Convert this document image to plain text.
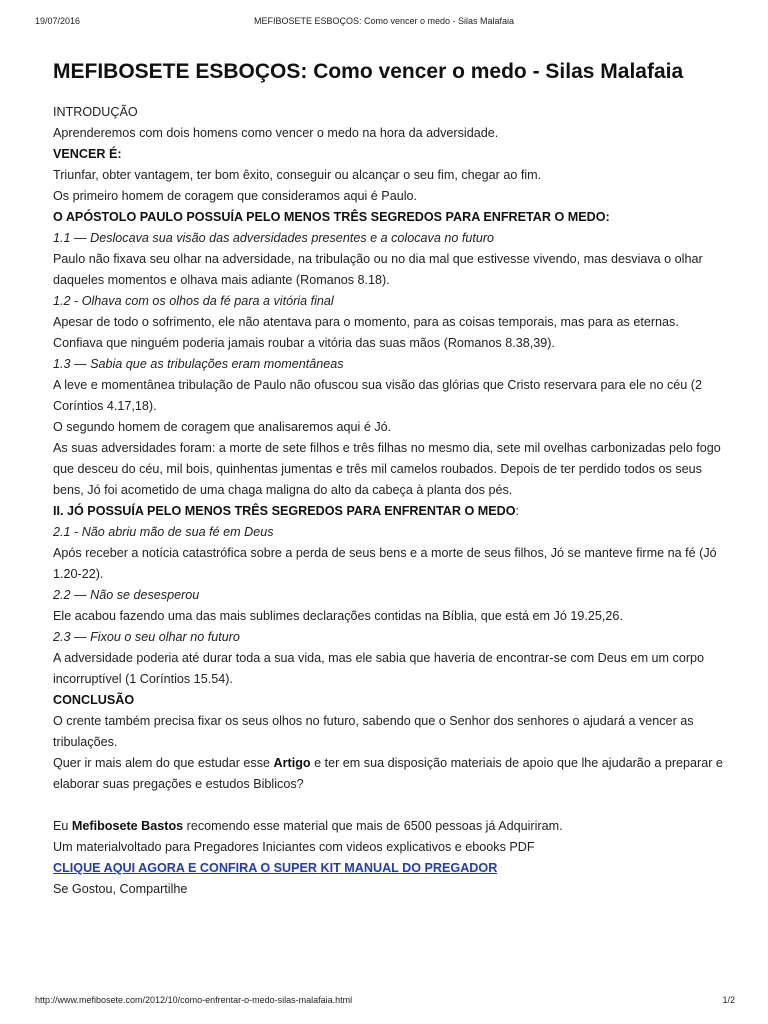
19/07/2016	MEFIBOSETE ESBOÇOS: Como vencer o medo - Silas Malafaia
MEFIBOSETE ESBOÇOS: Como vencer o medo - Silas Malafaia

INTRODUÇÃO

Aprenderemos com dois homens como vencer o medo na hora da adversidade.

VENCER É:

Triunfar, obter vantagem, ter bom êxito, conseguir ou alcançar o seu fim, chegar ao fim.

Os primeiro homem de coragem que consideramos aqui é Paulo.

O APÓSTOLO PAULO POSSUÍA PELO MENOS TRÊS SEGREDOS PARA ENFRETAR O MEDO:

1.1 — Deslocava sua visão das adversidades presentes e a colocava no futuro

Paulo não fixava seu olhar na adversidade, na tribulação ou no dia mal que estivesse vivendo, mas desviava o olhar daqueles momentos e olhava mais adiante (Romanos 8.18).

1.2 - Olhava com os olhos da fé para a vitória final

Apesar de todo o sofrimento, ele não atentava para o momento, para as coisas temporais, mas para as eternas. Confiava que ninguém poderia jamais roubar a vitória das suas mãos (Romanos 8.38,39).

1.3 — Sabia que as tribulações eram momentâneas

A leve e momentânea tribulação de Paulo não ofuscou sua visão das glórias que Cristo reservara para ele no céu (2 Coríntios 4.17,18).

O segundo homem de coragem que analisaremos aqui é Jó.

As suas adversidades foram: a morte de sete filhos e três filhas no mesmo dia, sete mil ovelhas carbonizadas pelo fogo que desceu do céu, mil bois, quinhentas jumentas e três mil camelos roubados. Depois de ter perdido todos os seus bens, Jó foi acometido de uma chaga maligna do alto da cabeça à planta dos pés.

II. JÓ POSSUÍA PELO MENOS TRÊS SEGREDOS PARA ENFRENTAR O MEDO:

2.1 - Não abriu mão de sua fé em Deus

Após receber a notícia catastrófica sobre a perda de seus bens e a morte de seus filhos, Jó se manteve firme na fé (Jó 1.20-22).

2.2 — Não se desesperou

Ele acabou fazendo uma das mais sublimes declarações contidas na Bíblia, que está em Jó 19.25,26.

2.3 — Fixou o seu olhar no futuro

A adversidade poderia até durar toda a sua vida, mas ele sabia que haveria de encontrar-se com Deus em um corpo incorruptível (1 Coríntios 15.54).

CONCLUSÃO

O crente também precisa fixar os seus olhos no futuro, sabendo que o Senhor dos senhores o ajudará a vencer as tribulações.

Quer ir mais alem do que estudar esse Artigo e ter em sua disposição materiais de apoio que lhe ajudarão a preparar e elaborar suas pregações e estudos Biblicos?

Eu Mefibosete Bastos recomendo esse material que mais de 6500 pessoas já Adquiriram.

Um materialvoltado para Pregadores Iniciantes com videos explicativos e ebooks PDF

CLIQUE AQUI AGORA E CONFIRA O SUPER KIT MANUAL DO PREGADOR

Se Gostou, Compartilhe

http://www.mefibosete.com/2012/10/como-enfrentar-o-medo-silas-malafaia.html	1/2
